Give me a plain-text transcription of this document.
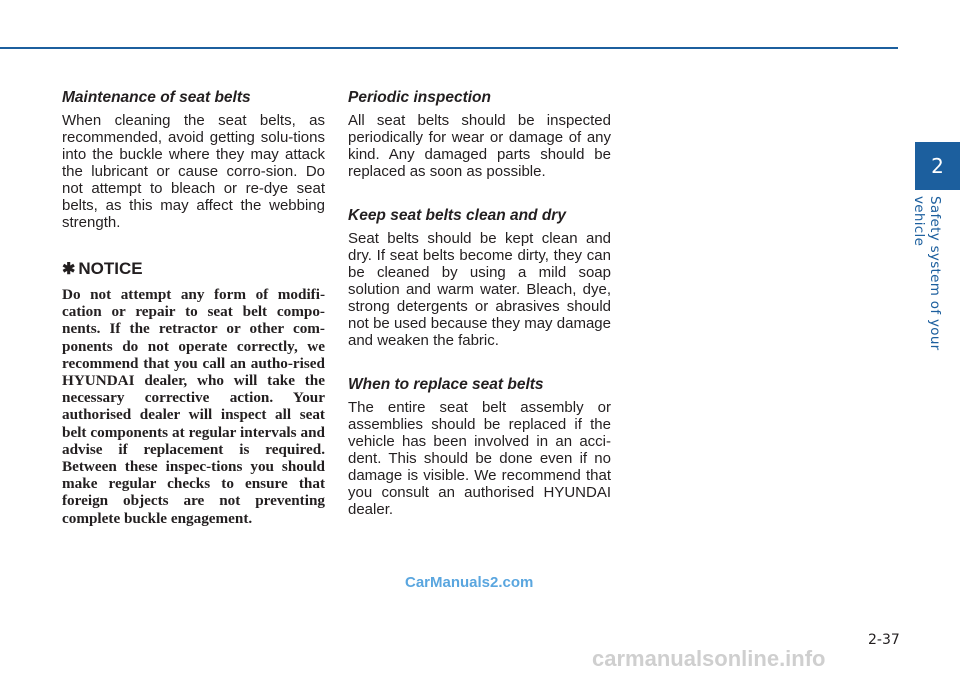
Maintenance of seat belts

When cleaning the seat belts, as recommended, avoid getting solu-tions into the buckle where they may attack the lubricant or cause corro-sion. Do not attempt to bleach or re-dye seat belts, as this may affect the webbing strength.

✱ NOTICE

Do not attempt any form of modifi-cation or repair to seat belt compo-nents. If the retractor or other com-ponents do not operate correctly, we recommend that you call an autho-rised HYUNDAI dealer, who will take the necessary corrective action. Your authorised dealer will inspect all seat belt components at regular intervals and advise if replacement is required. Between these inspec-tions you should make regular checks to ensure that foreign objects are not preventing complete buckle engagement.

Periodic inspection

All seat belts should be inspected periodically for wear or damage of any kind. Any damaged parts should be replaced as soon as possible.

Keep seat belts clean and dry

Seat belts should be kept clean and dry. If seat belts become dirty, they can be cleaned by using a mild soap solution and warm water. Bleach, dye, strong detergents or abrasives should not be used because they may damage and weaken the fabric.

When to replace seat belts

The entire seat belt assembly or assemblies should be replaced if the vehicle has been involved in an acci-dent. This should be done even if no damage is visible. We recommend that you consult an authorised HYUNDAI dealer.

2
Safety system of your vehicle
2-37
CarManuals2.com
carmanualsonline.info
